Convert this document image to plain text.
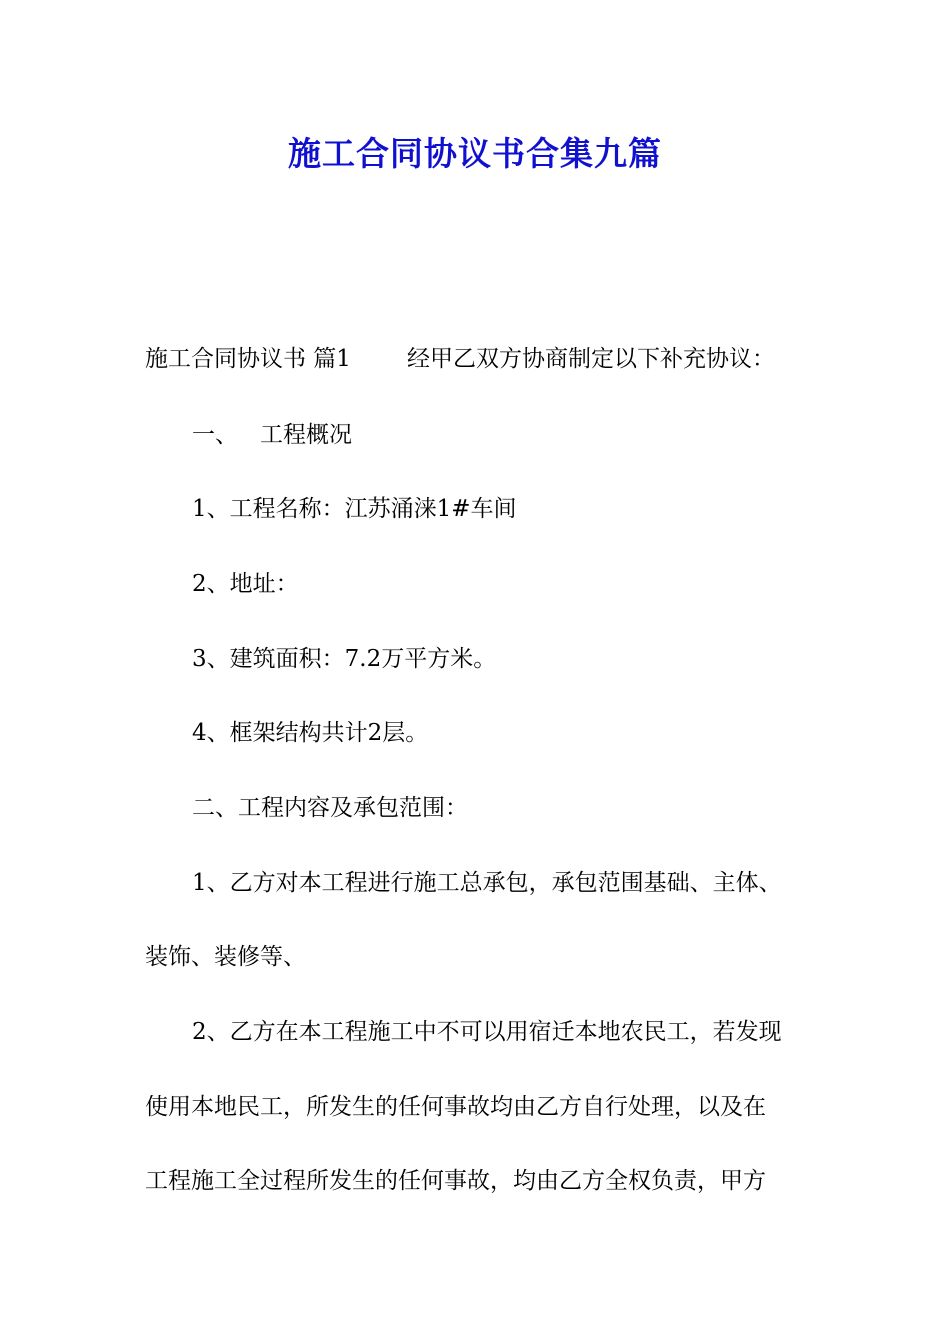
施工合同协议书合集九篇

施工合同协议书 篇1 经甲乙双方协商制定以下补充协议：

一、 工程概况

1、工程名称：江苏涌涞1#车间

2、地址：

3、建筑面积：7.2万平方米。

4、框架结构共计2层。

二、工程内容及承包范围：

1、乙方对本工程进行施工总承包，承包范围基础、主体、

装饰、装修等、

2、乙方在本工程施工中不可以用宿迁本地农民工，若发现

使用本地民工，所发生的任何事故均由乙方自行处理，以及在

工程施工全过程所发生的任何事故，均由乙方全权负责，甲方
